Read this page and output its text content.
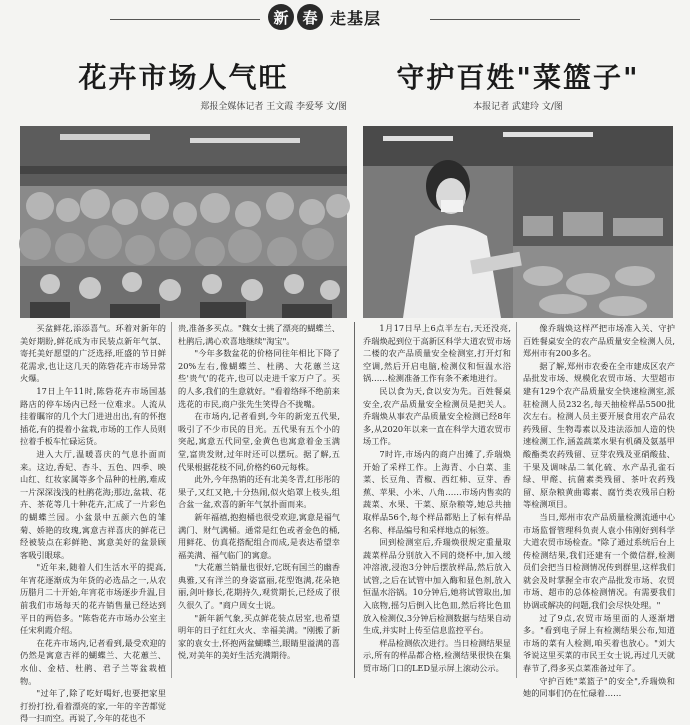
新 春 走基层
花卉市场人气旺
郑报全媒体记者 王文霞 李爱琴 文/图
守护百姓"菜篮子"
本报记者 武建玲 文/图

买盆鲜花,添添喜气。环着对新年的美好期盼,鲜花成为市民装点新年气氛、寄托美好愿望的广泛选择,旺盛的节日鲜花需求,也让这几天的陈砦花卉市场异常火爆。

17日上午11时,陈砦花卉市场国基路店的停车场内已经一位难求。人流从挂着瞩帘的几个大门进进出出,有的怀抱插花,有的提着小盆栽,市场的工作人员则拉着手板车忙碌运货。

进入大厅,温暖喜庆的气息扑面而来。这边,香妃、杏斗、五色、四季、映山红、红妆家属等多个品种的杜鹃,难成一片深深浅浅的杜鹃花海;那边,盆栽、花卉、茶花等几十种花卉,汇成了一片彩色的蝴蝶兰园。小盆景中五颜六色的雏菊、娇艳的玫瑰,寓意吉祥喜庆的鲜花已经被装点在彩鲜艳、寓意美好的盆景顾客吸引眼球。

"近年来,随着人们生活水平的提高,年宵花逐渐成为年货的必选品之一,从农历腊月二十开始,年宵花市场逐步升温,目前我们市场每天的花卉销售量已经达到平日的两倍多。"陈砦花卉市场办公室主任宋利霞介绍。

在花卉市场内,记者看到,最受欢迎的仍然是寓意吉祥的蝴蝶兰、大花蕙兰、水仙、金桔、杜鹃、君子兰等盆栽植物。

"过年了,除了吃好喝好,也要把家里打扮打扮,看着漂亮的家,一年的辛苦都觉得一扫而空。再说了,今年的花也不

贵,准备多买点。"魏女士挑了漂亮的蝴蝶兰、杜鹃后,满心欢喜地继续"淘宝"。

"今年多数盆花的价格同往年相比下降了20%左右,像蝴蝶兰、杜鹃、大花蕙兰这些'贵气'的花卉,也可以走进千家万户了。买的人多,我们的生意就好。"看着络绎不绝前来选花的市民,商户张先生笑得合不拢嘴。

在市场内,记者看到,今年的新宠五代果,吸引了不少市民的目光。五代果有五个小的突起,寓意五代同堂,金黄色也寓意着金玉满堂,富贵发财,过年时还可以摆玩。据了解,五代果根据花枝不同,价格约60元每株。

此外,今年热销的还有北美冬青,红彤彤的果子,又红又艳,十分热闹,似火焰罩上枝头,组合盆一盆,欢喜的新年气氛扑面而来。

新年福禧,抱抱桶也很受欢迎,寓意是福气满门、财气满桶。通常是红色或者金色的桶,用鲜花、仿真花搭配组合而成,是表达希望幸福美满、福气临门的寓意。

"大花蕙兰销量也很好,它既有国兰的幽香典雅,又有洋兰的身姿富丽,花型饱满,花朵艳丽,剑叶修长,花期持久,观赏期长,已经成了很久很久了。"商户周女士说。

"新年新气象,买点鲜花装点居室,也希望明年的日子红红火火、幸福美满。"刚搬了新家的袁女士,怀抱两盆蝴蝶兰,眼睛里溢满的喜悦,对美年的美好生活充满期待。

1月17日早上6点半左右,天还没亮,乔瑞焕起到位于高新区科学大道农贸市场二楼的农产品质量安全检测室,打开灯和空调,然后开启电脑,检测仪和恒温水浴锅……检测准备工作有条不紊地进行。

民以食为天,食以安为先。百姓餐桌安全,农产品质量安全检测员是把关人。乔瑞焕从事农产品质量安全检测已经8年多,从2020年以来一直在科学大道农贸市场工作。

7时许,市场内的商户出摊了,乔瑞焕开始了采样工作。上海青、小白菜、韭菜、长豆角、青椒、西红柿、豆芽、香蕉、苹果、小米、八角……市场内售卖的蔬菜、水果、干菜、原杂粮等,她总共抽取样品56个,每个样品都贴上了标有样品名称、样品编号和采样地点的标签。

回到检测室后,乔瑞焕很规定重量取蔬菜样品分别放入不同的烧杯中,加入缓冲溶液,浸泡3分钟后摆放样品,然后放入试管,之后在试管中加入酶和显色剂,放入恒温水浴锅。10分钟后,她将试管取出,加入底物,摇匀后倒入比色皿,然后将比色皿放入检测仪,3分钟后检测数据与结果自动生成,并实时上传至信息监控平台。

样品检测依次进行。当日检测结果显示,所有的样品都合格,检测结果很快在集贸市场门口的LED显示屏上滚动公示。

像乔瑞焕这样严把市场准入关、守护百姓餐桌安全的农产品质量安全检测人员,郑州市有200多名。

据了解,郑州市农委在全市建成区农产品批发市场、规模化农贸市场、大型超市建有129个农产品质量安全快速检测室,派驻检测人员232名,每天抽检样品5500批次左右。检测人员主要开展食用农产品农药残留、生物毒素以及违法添加人造的快速检测工作,涵盖蔬菜水果有机磷及氨基甲酸酯类农药残留、豆芽农残及亚硝酸盐、干果及调味品二氧化硫、水产品孔雀石绿、甲醛、抗菌素类残留、茶叶农药残留、原杂粮黄曲霉素、腐竹类农残吊白粉等检测项目。

当日,郑州市农产品质量检测流通中心市场监督管理科负责人袁小伟刚好到科学大道农贸市场检查。"除了通过系统后台上传检测结果,我们还建有一个微信群,检测员们会把当日检测情况传到群里,这样我们就会及时掌握全市农产品批发市场、农贸市场、超市的总体检测情况。有需要我们协调或解决的问题,我们会尽快处理。"

过了9点,农贸市场里面的人逐渐增多。"看到电子屏上有检测结果公布,知道市场的菜有人检测,咱买着也放心。"刘大爷说这里买菜的市民王女士说,再过几天就春节了,得多买点菜准备过年了。

守护百姓"菜篮子"的安全",乔瑞焕和她的同事们仍在忙碌着……
